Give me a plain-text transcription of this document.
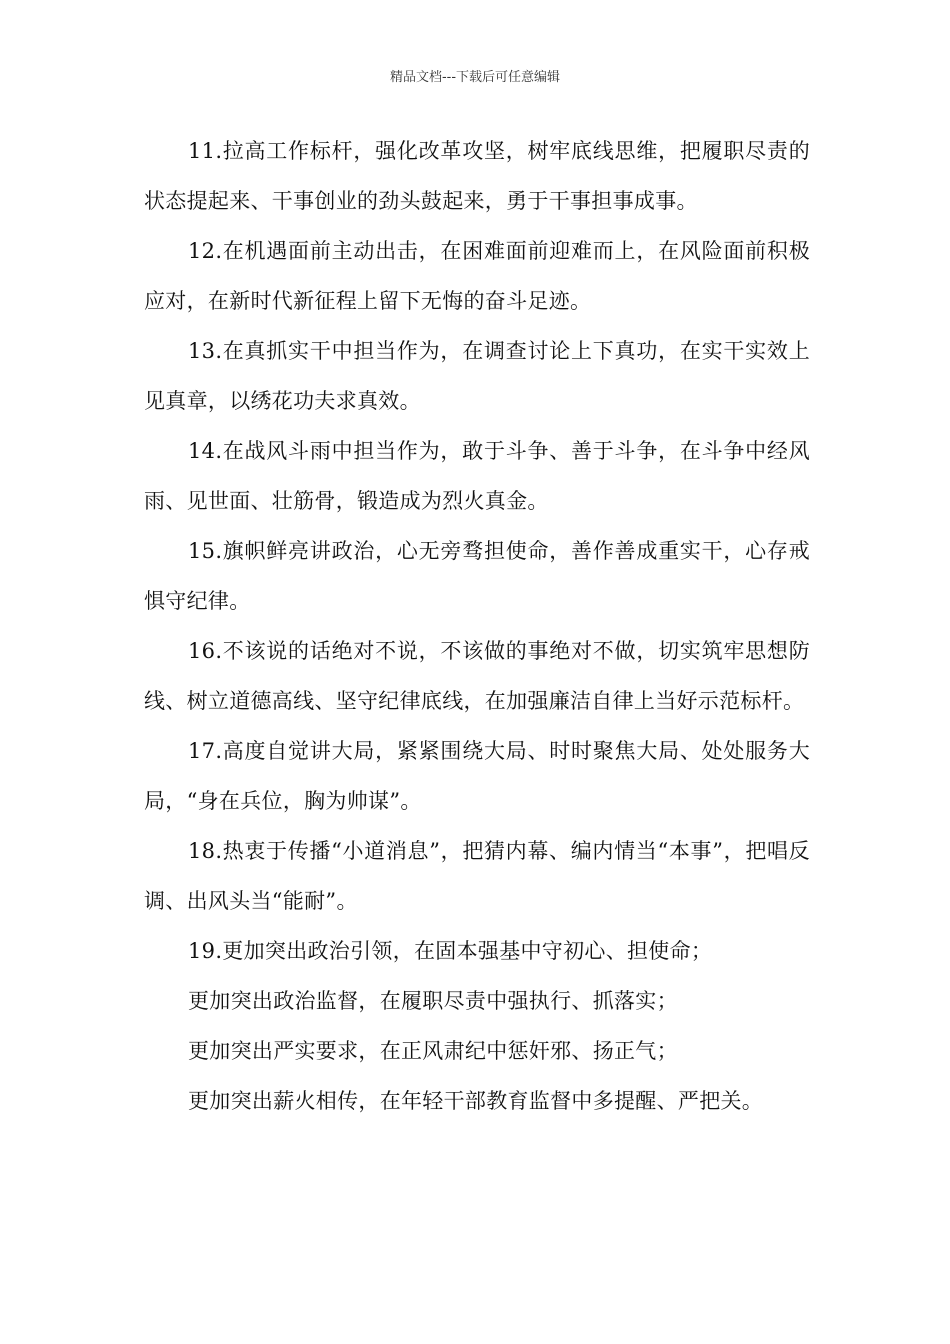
精品文档---下载后可任意编辑

11.拉高工作标杆，强化改革攻坚，树牢底线思维，把履职尽责的状态提起来、干事创业的劲头鼓起来，勇于干事担事成事。

12.在机遇面前主动出击，在困难面前迎难而上，在风险面前积极应对，在新时代新征程上留下无悔的奋斗足迹。

13.在真抓实干中担当作为，在调查讨论上下真功，在实干实效上见真章，以绣花功夫求真效。

14.在战风斗雨中担当作为，敢于斗争、善于斗争，在斗争中经风雨、见世面、壮筋骨，锻造成为烈火真金。

15.旗帜鲜亮讲政治，心无旁骛担使命，善作善成重实干，心存戒惧守纪律。

16.不该说的话绝对不说，不该做的事绝对不做，切实筑牢思想防线、树立道德高线、坚守纪律底线，在加强廉洁自律上当好示范标杆。

17.高度自觉讲大局，紧紧围绕大局、时时聚焦大局、处处服务大局，“身在兵位，胸为帅谋”。

18.热衷于传播“小道消息”，把猜内幕、编内情当“本事”，把唱反调、出风头当“能耐”。

19.更加突出政治引领，在固本强基中守初心、担使命；

更加突出政治监督，在履职尽责中强执行、抓落实；

更加突出严实要求，在正风肃纪中惩奸邪、扬正气；

更加突出薪火相传，在年轻干部教育监督中多提醒、严把关。
